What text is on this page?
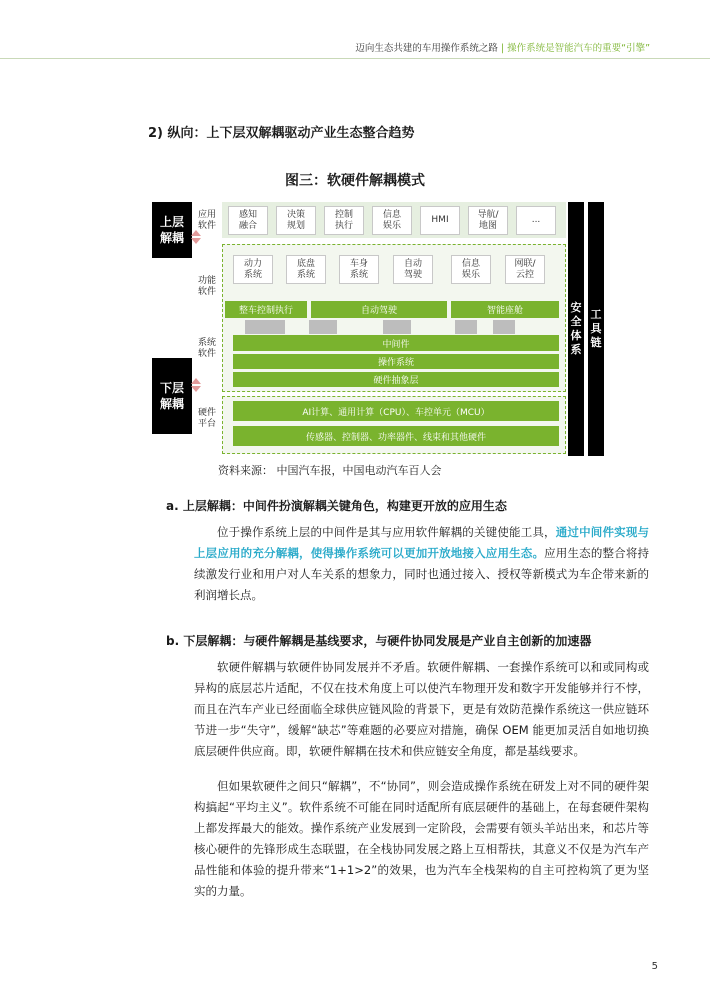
迈向生态共建的车用操作系统之路 | 操作系统是智能汽车的重要“引擎”
2) 纵向：上下层双解耦驱动产业生态整合趋势
图三：软硬件解耦模式
上层
解耦
下层
解耦
应用
软件
功能
软件
系统
软件
硬件
平台
感知
融合
决策
规划
控制
执行
信息
娱乐
HMI
导航/
地图
...
动力
系统
底盘
系统
车身
系统
自动
驾驶
信息
娱乐
网联/
云控
整车控制执行	自动驾驶	智能座舱
中间件
操作系统
硬件抽象层
AI计算、通用计算（CPU）、车控单元（MCU）
传感器、控制器、功率器件、线束和其他硬件
安全
体系
工
具
链
资料来源： 中国汽车报，中国电动汽车百人会
a. 上层解耦：中间件扮演解耦关键角色，构建更开放的应用生态
位于操作系统上层的中间件是其与应用软件解耦的关键使能工具，通过中间件实现与上层应用的充分解耦，使得操作系统可以更加开放地接入应用生态。应用生态的整合将持续激发行业和用户对人车关系的想象力，同时也通过接入、授权等新模式为车企带来新的利润增长点。
b. 下层解耦：与硬件解耦是基线要求，与硬件协同发展是产业自主创新的加速器
软硬件解耦与软硬件协同发展并不矛盾。软硬件解耦、一套操作系统可以和或同构或异构的底层芯片适配，不仅在技术角度上可以使汽车物理开发和数字开发能够并行不悖，而且在汽车产业已经面临全球供应链风险的背景下，更是有效防范操作系统这一供应链环节进一步“失守”，缓解“缺芯”等难题的必要应对措施，确保 OEM 能更加灵活自如地切换底层硬件供应商。即，软硬件解耦在技术和供应链安全角度，都是基线要求。
但如果软硬件之间只“解耦”，不“协同”，则会造成操作系统在研发上对不同的硬件架构搞起“平均主义”。软件系统不可能在同时适配所有底层硬件的基础上，在每套硬件架构上都发挥最大的能效。操作系统产业发展到一定阶段，会需要有领头羊站出来，和芯片等核心硬件的先锋形成生态联盟，在全栈协同发展之路上互相帮扶，其意义不仅是为汽车产品性能和体验的提升带来“1+1>2”的效果，也为汽车全栈架构的自主可控构筑了更为坚实的力量。
5
